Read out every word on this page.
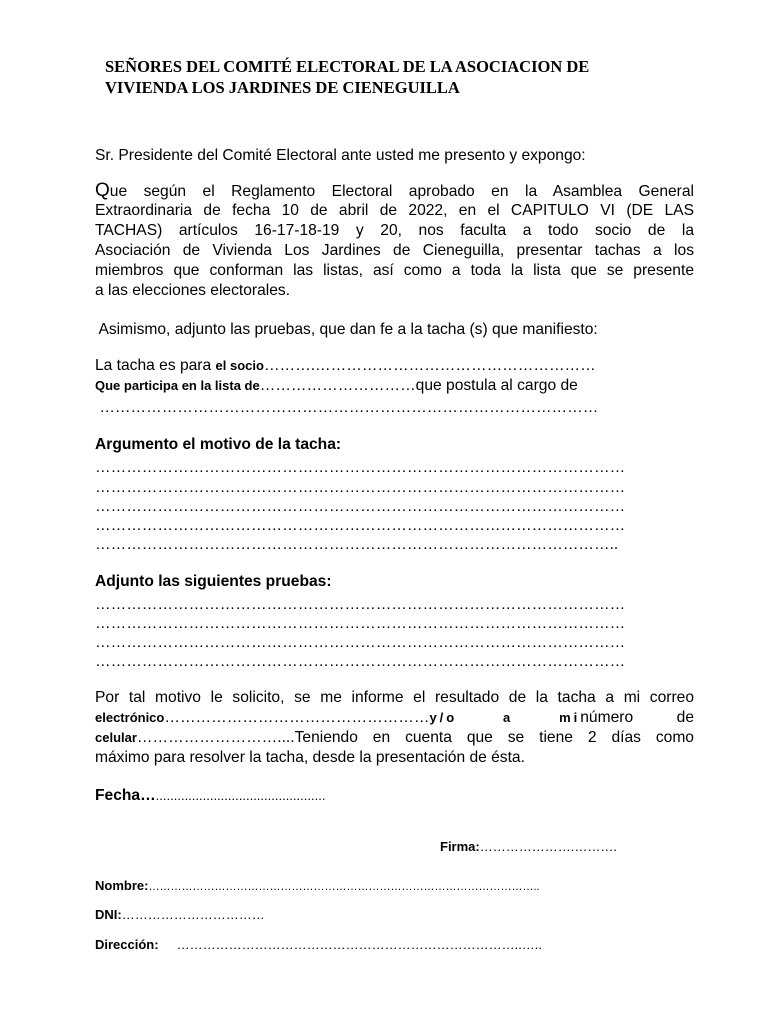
SEÑORES DEL COMITÉ ELECTORAL DE LA ASOCIACION DE
VIVIENDA LOS JARDINES DE CIENEGUILLA
Sr. Presidente del Comité Electoral ante usted me presento y expongo:
Que según el Reglamento Electoral aprobado en la Asamblea General
Extraordinaria de fecha 10 de abril de 2022, en el CAPITULO VI (DE LAS
TACHAS) artículos 16-17-18-19 y 20, nos faculta a todo socio de la
Asociación de Vivienda Los Jardines de Cieneguilla, presentar tachas a los
miembros que conforman las listas, así como a toda la lista que se presente
a las elecciones electorales.
Asimismo, adjunto las pruebas, que dan fe a la tacha (s) que manifiesto:
La tacha es para el socio……….………………………………………………
Que participa en la lista de…………………………que postula al cargo de
……………………………………………………………………………………
Argumento el motivo de la tacha:
…………………………………………………………………………………………
…………………………………………………………………………………………
…………………………………………………………………………………………
…………………………………………………………………………………………
………………………………………………………………………………………..
Adjunto las siguientes pruebas:
…………………………………………………………………………………………
…………………………………………………………………………………………
…………………………………………………………………………………………
…………………………………………………………………………………………
Por tal motivo le solicito, se me informe el resultado de la tacha a mi correo
electrónico……………………………………………y/o a minúmero de
celular………………………....Teniendo en cuenta que se tiene 2 días como
máximo para resolver la tacha, desde la presentación de ésta.
Fecha…...............................................
Firma:………………….……….
Nombre:……………………………………………………………………………………………..
DNI:……………………………
Dirección: ……………………………………………………………………..…..
